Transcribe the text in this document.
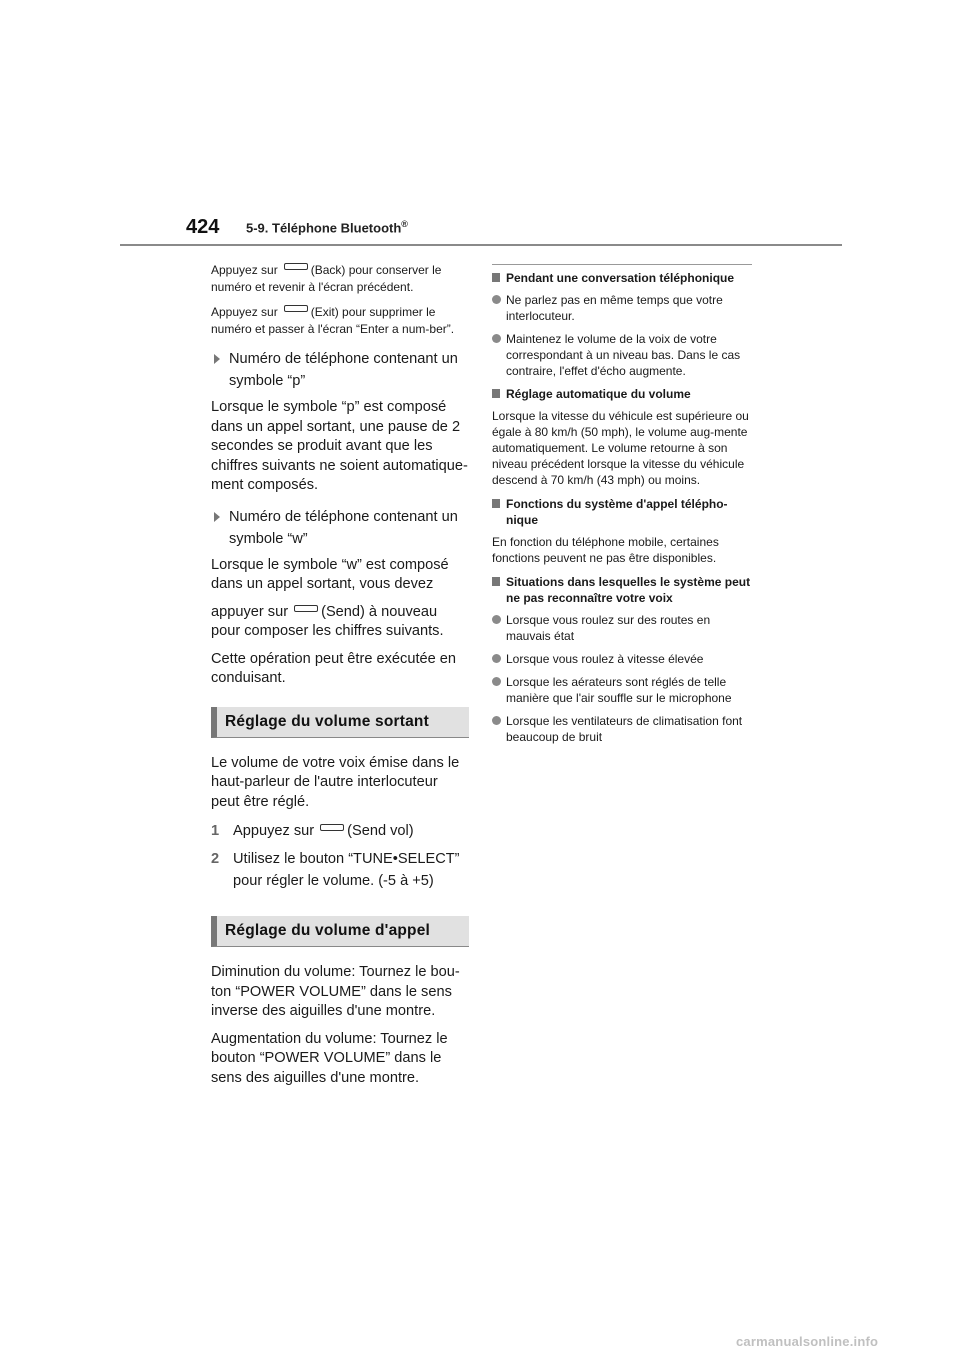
424 5-9. Téléphone Bluetooth®

Appuyez sur	(Back) pour conserver le numéro et revenir à l'écran précédent.

Appuyez sur	(Exit) pour supprimer le numéro et passer à l'écran “Enter a num-ber”.

Numéro de téléphone contenant un symbole “p”

Lorsque le symbole “p” est composé dans un appel sortant, une pause de 2 secondes se produit avant que les chiffres suivants ne soient automatique-ment composés.

Numéro de téléphone contenant un symbole “w”

Lorsque le symbole “w” est composé dans un appel sortant, vous devez

appuyer sur (Send) à nouveau pour composer les chiffres suivants.

Cette opération peut être exécutée en conduisant.

Réglage du volume sortant

Le volume de votre voix émise dans le haut-parleur de l'autre interlocuteur peut être réglé.

1 Appuyez sur (Send vol)
2 Utilisez le bouton “TUNE•SELECT” pour régler le volume. (-5 à +5)
Réglage du volume d'appel

Diminution du volume: Tournez le bou-ton “POWER VOLUME” dans le sens inverse des aiguilles d'une montre.

Augmentation du volume: Tournez le bouton “POWER VOLUME” dans le sens des aiguilles d'une montre.

Pendant une conversation téléphonique
Ne parlez pas en même temps que votre interlocuteur.
Maintenez le volume de la voix de votre correspondant à un niveau bas. Dans le cas contraire, l'effet d'écho augmente.
Réglage automatique du volume

Lorsque la vitesse du véhicule est supérieure ou égale à 80 km/h (50 mph), le volume aug-mente automatiquement. Le volume retourne à son niveau précédent lorsque la vitesse du véhicule descend à 70 km/h (43 mph) ou moins.

Fonctions du système d'appel télépho-nique

En fonction du téléphone mobile, certaines fonctions peuvent ne pas être disponibles.

Situations dans lesquelles le système peut ne pas reconnaître votre voix
Lorsque vous roulez sur des routes en mauvais état
Lorsque vous roulez à vitesse élevée
Lorsque les aérateurs sont réglés de telle manière que l'air souffle sur le microphone
Lorsque les ventilateurs de climatisation font beaucoup de bruit
carmanualsonline.info
